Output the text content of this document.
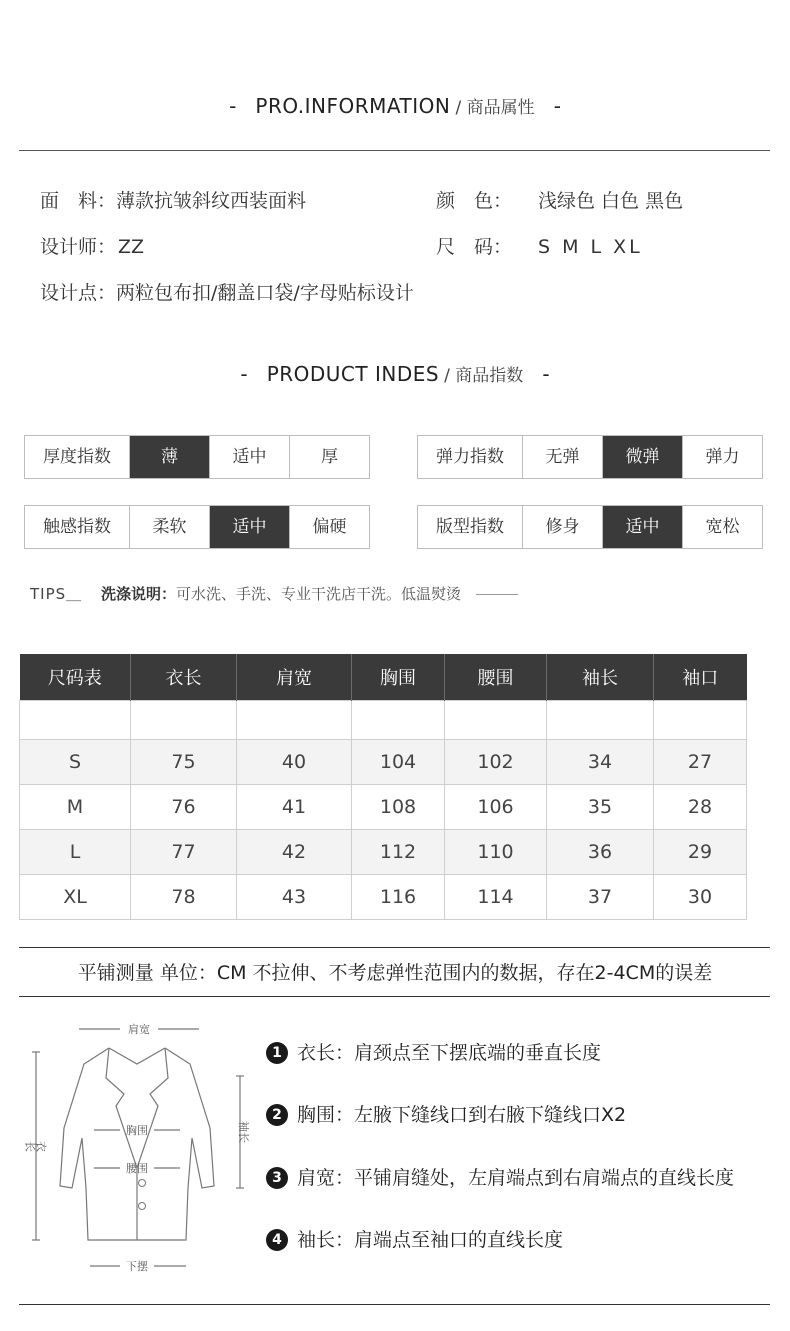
- PRO.INFORMATION / 商品属性 -
面　料：薄款抗皱斜纹西装面料	颜　色： 浅绿色 白色 黑色
设计师： ZZ	尺　码： S M L XL
设计点：两粒包布扣/翻盖口袋/字母贴标设计
- PRODUCT INDES / 商品指数 -
厚度指数	薄	适中	厚	弹力指数	无弹	微弹	弹力
触感指数	柔软	适中	偏硬	版型指数	修身	适中	宽松
TIPS＿ 洗涤说明：可水洗、手洗、专业干洗店干洗。低温熨烫
尺码表	衣长	肩宽	胸围	腰围	袖长	袖口

S	75	40	104	102	34	27
M	76	41	108	106	35	28
L	77	42	112	110	36	29
XL	78	43	116	114	37	30
平铺测量 单位：CM 不拉伸、不考虑弹性范围内的数据，存在2-4CM的误差
肩宽
胸围
腰围
下摆
衣长
袖长
1 衣长：肩颈点至下摆底端的垂直长度
2 胸围：左腋下缝线口到右腋下缝线口X2
3 肩宽：平铺肩缝处，左肩端点到右肩端点的直线长度
4 袖长：肩端点至袖口的直线长度
